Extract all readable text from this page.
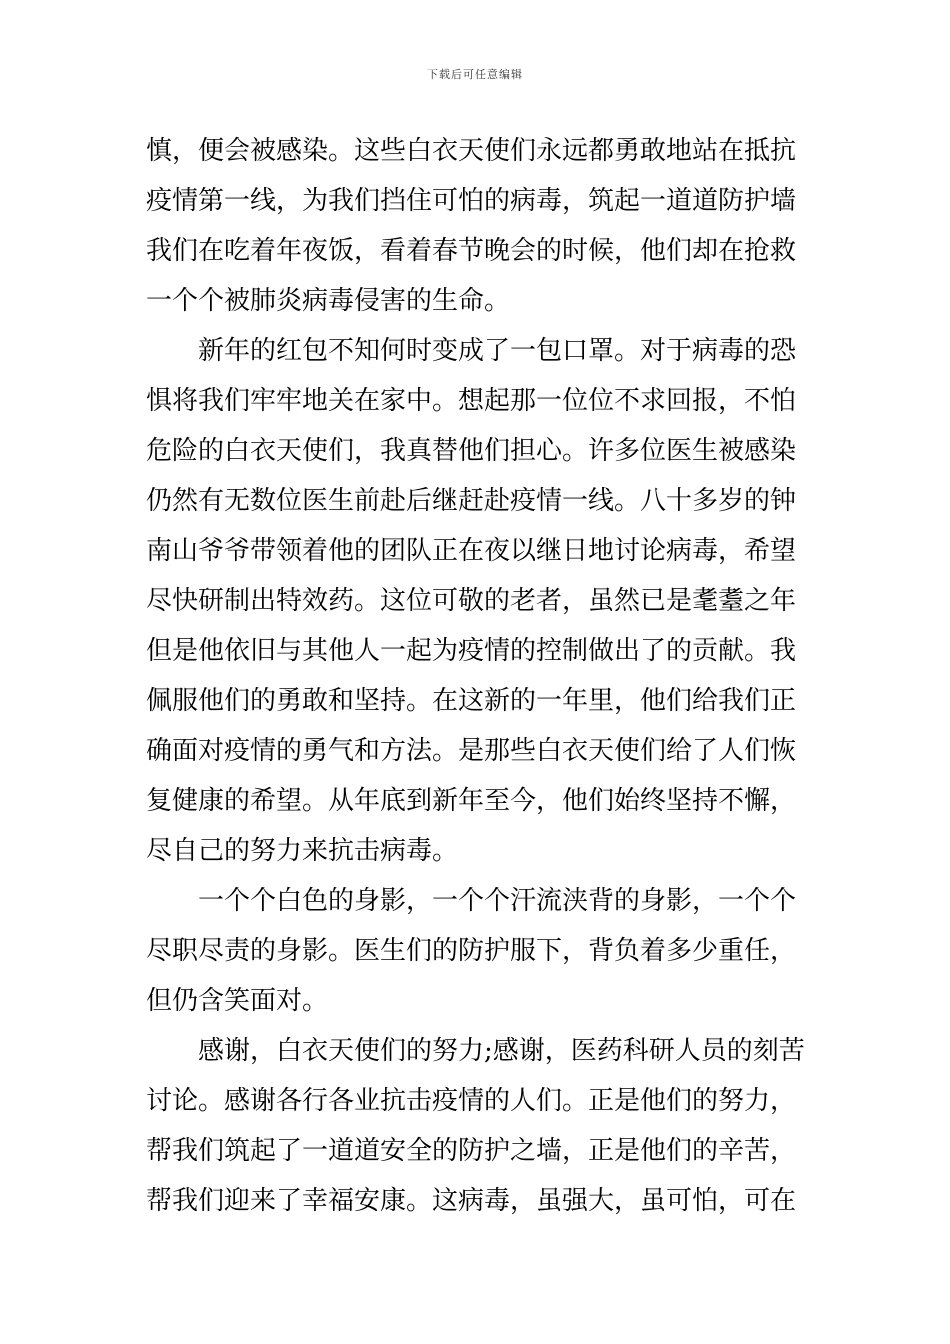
下载后可任意编辑
慎，便会被感染。这些白衣天使们永远都勇敢地站在抵抗
疫情第一线，为我们挡住可怕的病毒，筑起一道道防护墙
我们在吃着年夜饭，看着春节晚会的时候，他们却在抢救
一个个被肺炎病毒侵害的生命。
新年的红包不知何时变成了一包口罩。对于病毒的恐
惧将我们牢牢地关在家中。想起那一位位不求回报，不怕
危险的白衣天使们，我真替他们担心。许多位医生被感染
仍然有无数位医生前赴后继赶赴疫情一线。八十多岁的钟
南山爷爷带领着他的团队正在夜以继日地讨论病毒，希望
尽快研制出特效药。这位可敬的老者，虽然已是耄耋之年
但是他依旧与其他人一起为疫情的控制做出了的贡献。我
佩服他们的勇敢和坚持。在这新的一年里，他们给我们正
确面对疫情的勇气和方法。是那些白衣天使们给了人们恢
复健康的希望。从年底到新年至今，他们始终坚持不懈，
尽自己的努力来抗击病毒。
一个个白色的身影，一个个汗流浃背的身影，一个个
尽职尽责的身影。医生们的防护服下，背负着多少重任，
但仍含笑面对。
感谢，白衣天使们的努力;感谢，医药科研人员的刻苦
讨论。感谢各行各业抗击疫情的人们。正是他们的努力，
帮我们筑起了一道道安全的防护之墙，正是他们的辛苦，
帮我们迎来了幸福安康。这病毒，虽强大，虽可怕，可在
